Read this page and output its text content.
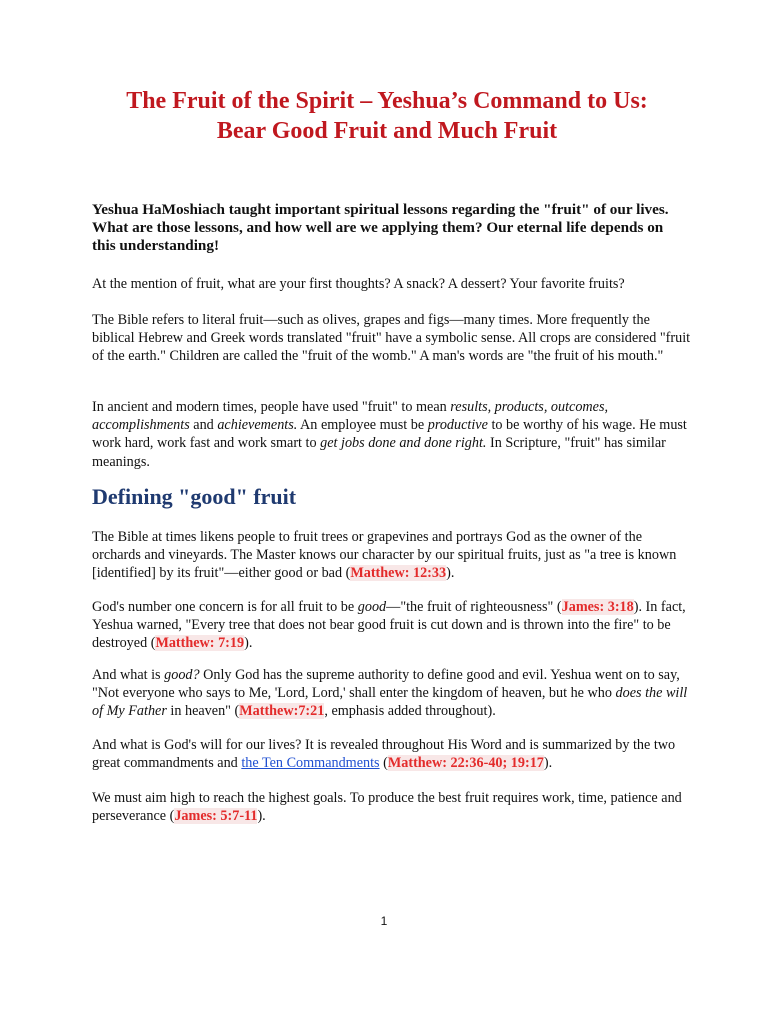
The Fruit of the Spirit – Yeshua’s Command to Us:
Bear Good Fruit and Much Fruit

Yeshua HaMoshiach taught important spiritual lessons regarding the "fruit" of our lives. What are those lessons, and how well are we applying them? Our eternal life depends on this understanding!

At the mention of fruit, what are your first thoughts? A snack? A dessert? Your favorite fruits?

The Bible refers to literal fruit—such as olives, grapes and figs—many times. More frequently the biblical Hebrew and Greek words translated "fruit" have a symbolic sense. All crops are considered "fruit of the earth." Children are called the "fruit of the womb." A man's words are "the fruit of his mouth."

In ancient and modern times, people have used "fruit" to mean results, products, outcomes, accomplishments and achievements. An employee must be productive to be worthy of his wage. He must work hard, work fast and work smart to get jobs done and done right. In Scripture, "fruit" has similar meanings.

Defining "good" fruit

The Bible at times likens people to fruit trees or grapevines and portrays God as the owner of the orchards and vineyards. The Master knows our character by our spiritual fruits, just as "a tree is known [identified] by its fruit"—either good or bad (Matthew: 12:33).

God's number one concern is for all fruit to be good—"the fruit of righteousness" (James: 3:18). In fact, Yeshua warned, "Every tree that does not bear good fruit is cut down and is thrown into the fire" to be destroyed (Matthew: 7:19).

And what is good? Only God has the supreme authority to define good and evil. Yeshua went on to say, "Not everyone who says to Me, 'Lord, Lord,' shall enter the kingdom of heaven, but he who does the will of My Father in heaven" (Matthew:7:21, emphasis added throughout).

And what is God's will for our lives? It is revealed throughout His Word and is summarized by the two great commandments and the Ten Commandments (Matthew: 22:36-40; 19:17).

We must aim high to reach the highest goals. To produce the best fruit requires work, time, patience and perseverance (James: 5:7-11).

1
